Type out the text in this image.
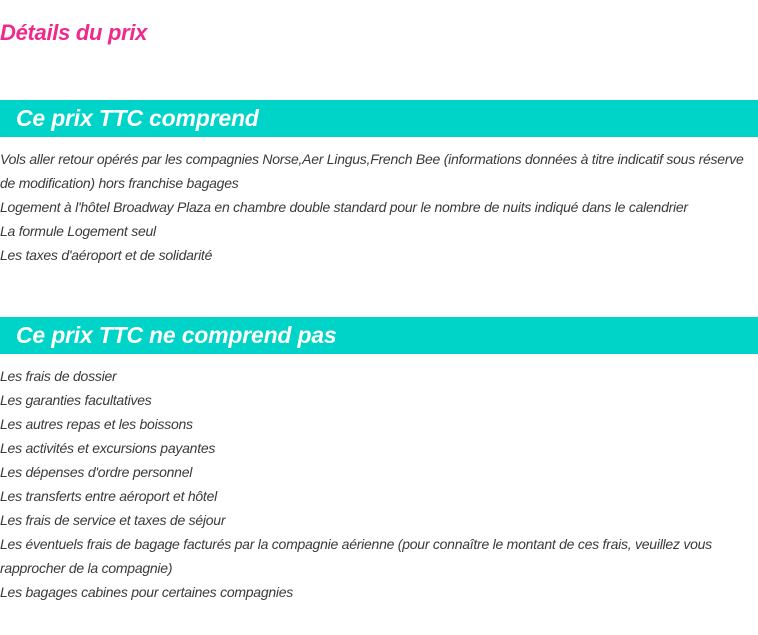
Détails du prix
Ce prix TTC comprend
Vols aller retour opérés par les compagnies Norse,Aer Lingus,French Bee (informations données à titre indicatif sous réserve de modification) hors franchise bagages
Logement à l'hôtel Broadway Plaza en chambre double standard pour le nombre de nuits indiqué dans le calendrier
La formule Logement seul
Les taxes d'aéroport et de solidarité
Ce prix TTC ne comprend pas
Les frais de dossier
Les garanties facultatives
Les autres repas et les boissons
Les activités et excursions payantes
Les dépenses d'ordre personnel
Les transferts entre aéroport et hôtel
Les frais de service et taxes de séjour
Les éventuels frais de bagage facturés par la compagnie aérienne (pour connaître le montant de ces frais, veuillez vous rapprocher de la compagnie)
Les bagages cabines pour certaines compagnies
